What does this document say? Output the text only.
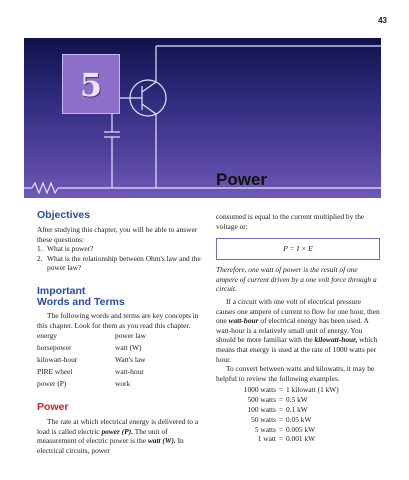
43
5
Power
Objectives

After studying this chapter, you will be able to answer these questions:

1. What is power?
2. What is the relationship between Ohm's law and the power law?
Important
Words and Terms

The following words and terms are key concepts in this chapter. Look for them as you read this chapter.

energy	power law
horsepower	watt (W)
kilowatt-hour	Watt's law
PIRE wheel	watt-hour
power (P)	work
Power

The rate at which electrical energy is delivered to a load is called electric power (P). The unit of measurement of electric power is the watt (W). In electrical circuits, power

consumed is equal to the current multiplied by the voltage or:

P = I × E

Therefore, one watt of power is the result of one ampere of current driven by a one volt force through a circuit.

If a circuit with one volt of electrical pressure causes one ampere of current to flow for one hour, then one watt-hour of electrical energy has been used. A watt-hour is a relatively small unit of energy. You should be more familiar with the kilowatt-hour, which means that energy is used at the rate of 1000 watts per hour.

To convert between watts and kilowatts, it may be helpful to review the following examples.

1000 watts	=	1 kilowatt (1 kW)
500 watts	=	0.5 kW
100 watts	=	0.1 kW
50 watts	=	0.05 kW
5 watts	=	0.005 kW
1 watt	=	0.001 kW
